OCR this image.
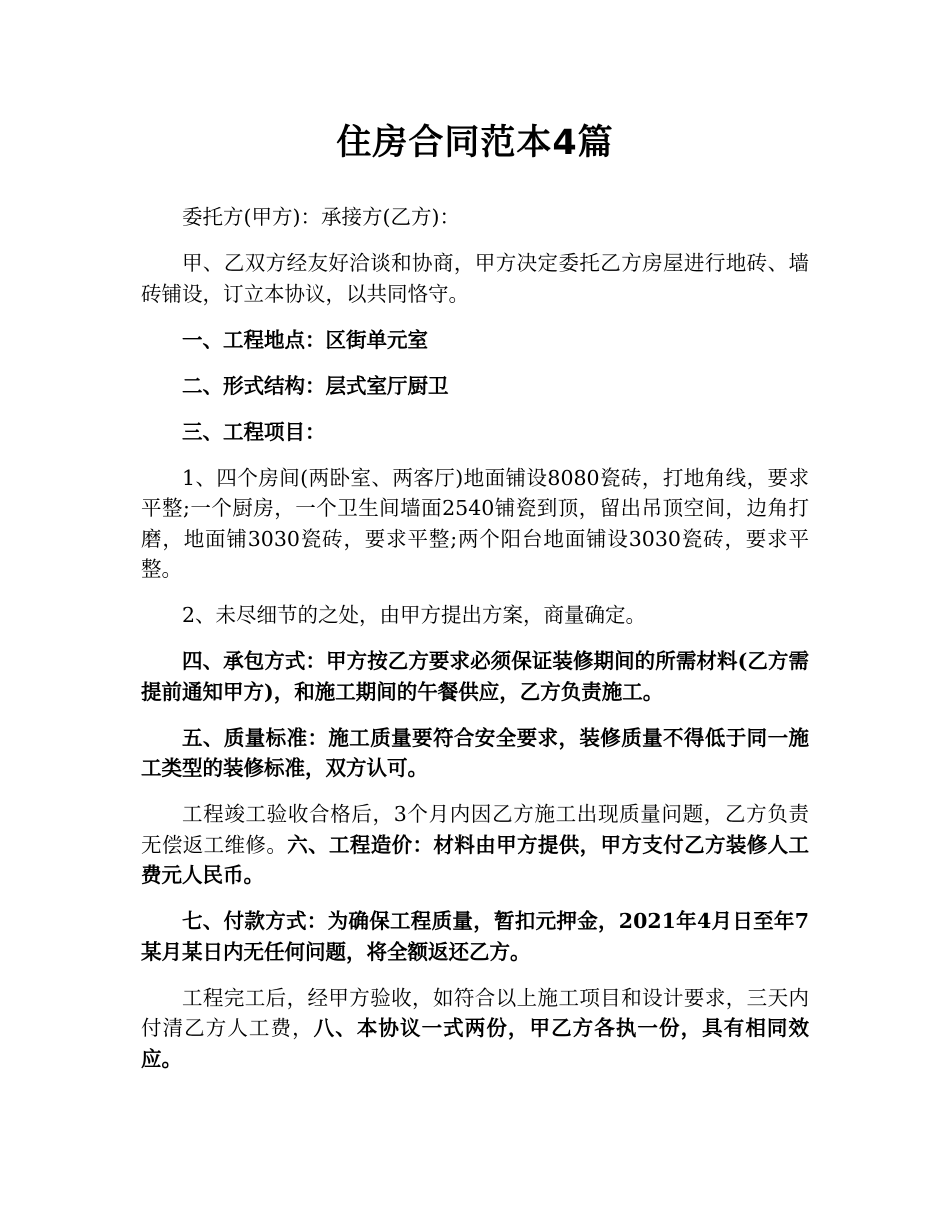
住房合同范本4篇

委托方(甲方)：承接方(乙方)：

甲、乙双方经友好洽谈和协商，甲方决定委托乙方房屋进行地砖、墙砖铺设，订立本协议，以共同恪守。

一、工程地点：区街单元室

二、形式结构：层式室厅厨卫

三、工程项目：

1、四个房间(两卧室、两客厅)地面铺设8080瓷砖，打地角线，要求平整;一个厨房，一个卫生间墙面2540铺瓷到顶，留出吊顶空间，边角打磨，地面铺3030瓷砖，要求平整;两个阳台地面铺设3030瓷砖，要求平整。

2、未尽细节的之处，由甲方提出方案，商量确定。

四、承包方式：甲方按乙方要求必须保证装修期间的所需材料(乙方需提前通知甲方)，和施工期间的午餐供应，乙方负责施工。

五、质量标准：施工质量要符合安全要求，装修质量不得低于同一施工类型的装修标准，双方认可。

工程竣工验收合格后，3个月内因乙方施工出现质量问题，乙方负责无偿返工维修。六、工程造价：材料由甲方提供，甲方支付乙方装修人工费元人民币。

七、付款方式：为确保工程质量，暂扣元押金，2021年4月日至年7某月某日内无任何问题，将全额返还乙方。

工程完工后，经甲方验收，如符合以上施工项目和设计要求，三天内付清乙方人工费，八、本协议一式两份，甲乙方各执一份，具有相同效应。
